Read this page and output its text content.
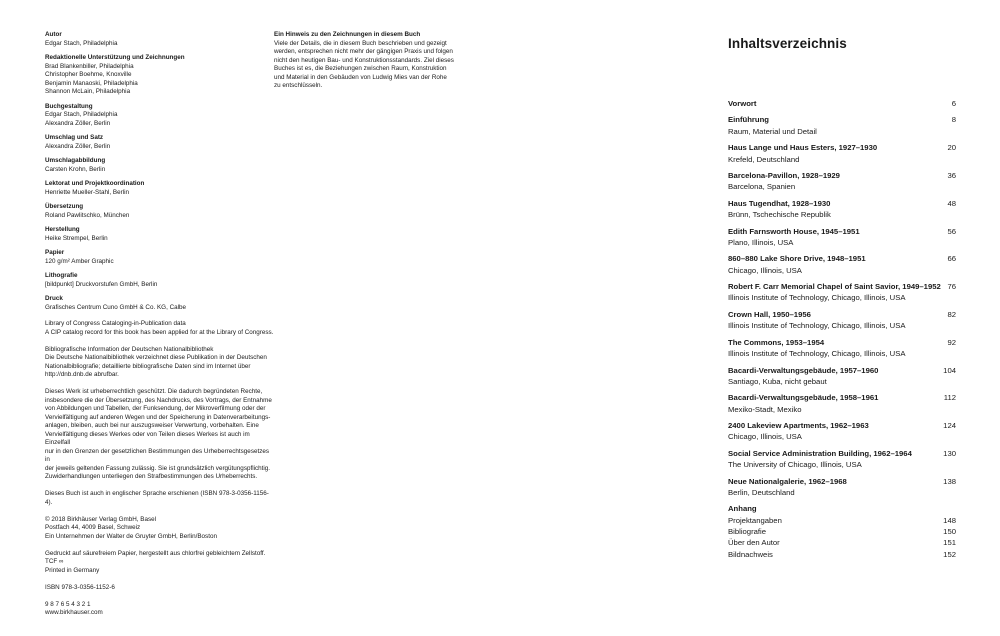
Autor
Edgar Stach, Philadelphia
Redaktionelle Unterstützung und Zeichnungen
Brad Blankenbiller, Philadelphia
Christopher Boehme, Knoxville
Benjamin Manaoski, Philadelphia
Shannon McLain, Philadelphia
Buchgestaltung
Edgar Stach, Philadelphia
Alexandra Zöller, Berlin
Umschlag und Satz
Alexandra Zöller, Berlin
Umschlagabbildung
Carsten Krohn, Berlin
Lektorat und Projektkoordination
Henriette Mueller-Stahl, Berlin
Übersetzung
Roland Pawlitschko, München
Herstellung
Heike Strempel, Berlin
Papier
120 g/m² Amber Graphic
Lithografie
[bildpunkt] Druckvorstufen GmbH, Berlin
Druck
Grafisches Centrum Cuno GmbH & Co. KG, Calbe
Library of Congress Cataloging-in-Publication data
A CIP catalog record for this book has been applied for at the Library of Congress.
Bibliografische Information der Deutschen Nationalbibliothek
Die Deutsche Nationalbibliothek verzeichnet diese Publikation in der Deutschen
Nationalbibliografie; detaillierte bibliografische Daten sind im Internet über
http://dnb.dnb.de abrufbar.
Dieses Werk ist urheberrechtlich geschützt. Die dadurch begründeten Rechte,
insbesondere die der Übersetzung, des Nachdrucks, des Vortrags, der Entnahme
von Abbildungen und Tabellen, der Funksendung, der Mikroverfilmung oder der
Vervielfältigung auf anderen Wegen und der Speicherung in Datenverarbeitungs-
anlagen, bleiben, auch bei nur auszugsweiser Verwertung, vorbehalten. Eine
Vervielfältigung dieses Werkes oder von Teilen dieses Werkes ist auch im Einzelfall
nur in den Grenzen der gesetzlichen Bestimmungen des Urheberrechtsgesetzes in
der jeweils geltenden Fassung zulässig. Sie ist grundsätzlich vergütungspflichtig.
Zuwiderhandlungen unterliegen den Strafbestimmungen des Urheberrechts.
Dieses Buch ist auch in englischer Sprache erschienen (ISBN 978-3-0356-1156-4).
© 2018 Birkhäuser Verlag GmbH, Basel
Postfach 44, 4009 Basel, Schweiz
Ein Unternehmen der Walter de Gruyter GmbH, Berlin/Boston
Gedruckt auf säurefreiem Papier, hergestellt aus chlorfrei gebleichtem Zellstoff. TCF ∞
Printed in Germany
ISBN 978-3-0356-1152-6
9 8 7 6 5 4 3 2 1
www.birkhauser.com
Ein Hinweis zu den Zeichnungen in diesem Buch
Viele der Details, die in diesem Buch beschrieben und gezeigt
werden, entsprechen nicht mehr der gängigen Praxis und folgen
nicht den heutigen Bau- und Konstruktionsstandards. Ziel dieses
Buches ist es, die Beziehungen zwischen Raum, Konstruktion
und Material in den Gebäuden von Ludwig Mies van der Rohe
zu entschlüsseln.
Inhaltsverzeichnis
Vorwort	6
Einführung	8
Raum, Material und Detail
Haus Lange und Haus Esters, 1927–1930	20
Krefeld, Deutschland
Barcelona-Pavillon, 1928–1929	36
Barcelona, Spanien
Haus Tugendhat, 1928–1930	48
Brünn, Tschechische Republik
Edith Farnsworth House, 1945–1951	56
Plano, Illinois, USA
860–880 Lake Shore Drive, 1948–1951	66
Chicago, Illinois, USA
Robert F. Carr Memorial Chapel of Saint Savior, 1949–1952 76
Illinois Institute of Technology, Chicago, Illinois, USA
Crown Hall, 1950–1956	82
Illinois Institute of Technology, Chicago, Illinois, USA
The Commons, 1953–1954	92
Illinois Institute of Technology, Chicago, Illinois, USA
Bacardi-Verwaltungsgebäude, 1957–1960	104
Santiago, Kuba, nicht gebaut
Bacardi-Verwaltungsgebäude, 1958–1961	112
Mexiko-Stadt, Mexiko
2400 Lakeview Apartments, 1962–1963	124
Chicago, Illinois, USA
Social Service Administration Building, 1962–1964	130
The University of Chicago, Illinois, USA
Neue Nationalgalerie, 1962–1968	138
Berlin, Deutschland
Anhang
Projektangaben	148
Bibliografie	150
Über den Autor	151
Bildnachweis	152
